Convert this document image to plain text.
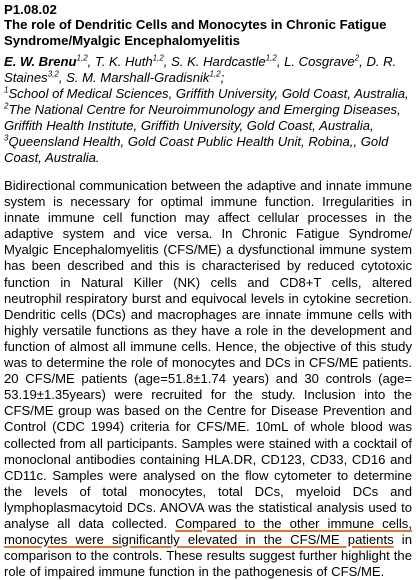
P1.08.02

The role of Dendritic Cells and Monocytes in Chronic Fatigue Syndrome/Myalgic Encephalomyelitis

E. W. Brenu$^{1,2}$, T. K. Huth$^{1,2}$, S. K. Hardcastle$^{1,2}$, L. Cosgrave$^2$, D. R. Staines$^{3,2}$, S. M. Marshall-Gradisnik$^{1,2}$;

$^1$School of Medical Sciences, Griffith University, Gold Coast, Australia, $^2$The National Centre for Neuroimmunology and Emerging Diseases, Griffith Health Institute, Griffith University, Gold Coast, Australia, $^3$Queensland Health, Gold Coast Public Health Unit, Robina,, Gold Coast, Australia.

Bidirectional communication between the adaptive and innate immune system is necessary for optimal immune function. Irregularities in innate immune cell function may affect cellular processes in the adaptive system and vice versa. In Chronic Fatigue Syndrome/ Myalgic Encephalomyelitis (CFS/ME) a dysfunctional immune system has been described and this is characterised by reduced cytotoxic function in Natural Killer (NK) cells and CD8+T cells, altered neutrophil respiratory burst and equivocal levels in cytokine secretion. Dendritic cells (DCs) and macrophages are innate immune cells with highly versatile functions as they have a role in the development and function of almost all immune cells. Hence, the objective of this study was to determine the role of monocytes and DCs in CFS/ME patients. 20 CFS/ME patients (age=51.8±1.74 years) and 30 controls (age= 53.19±1.35years) were recruited for the study. Inclusion into the CFS/ME group was based on the Centre for Disease Prevention and Control (CDC 1994) criteria for CFS/ME. 10mL of whole blood was collected from all participants. Samples were stained with a cocktail of monoclonal antibodies containing HLA.DR, CD123, CD33, CD16 and CD11c. Samples were analysed on the flow cytometer to determine the levels of total monocytes, total DCs, myeloid DCs and lymphoplasmacytoid DCs. ANOVA was the statistical analysis used to analyse all data collected. Compared to the other immune cells, monocytes were significantly elevated in the CFS/ME patients in comparison to the controls. These results suggest further highlight the role of impaired immune function in the pathogenesis of CFS/ME.
